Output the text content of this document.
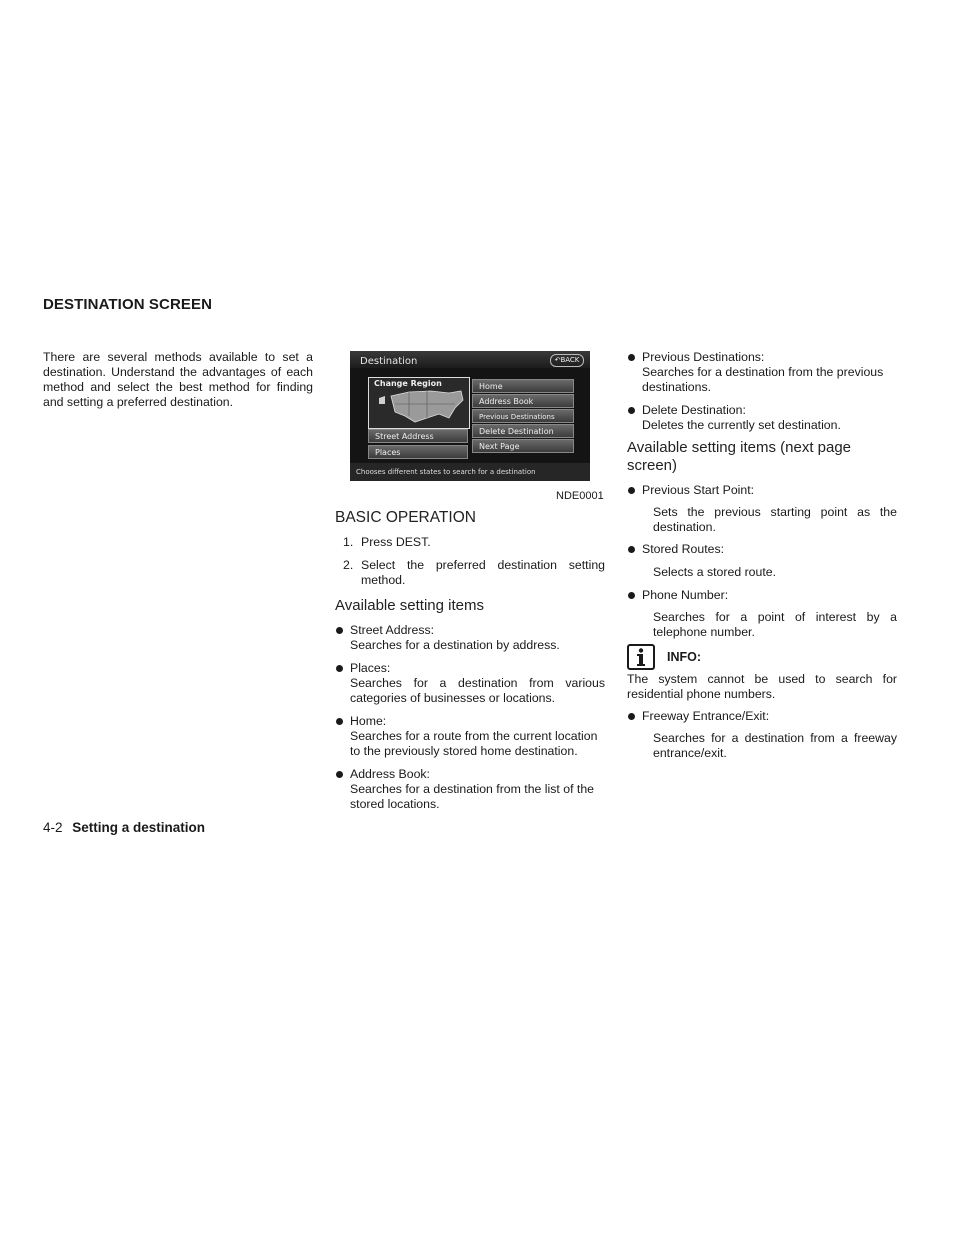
DESTINATION SCREEN
There are several methods available to set a destination. Understand the advantages of each method and select the best method for finding and setting a preferred destination.
Destination	↶BACK
Change Region
Street Address
Places
Home
Address Book
Previous Destinations
Delete Destination
Next Page
Chooses different states to search for a destination
NDE0001
BASIC OPERATION
1. Press DEST.
2. Select the preferred destination setting method.
Available setting items
Street Address:
Searches for a destination by address.
Places:
Searches for a destination from various categories of businesses or locations.
Home:
Searches for a route from the current location to the previously stored home destination.
Address Book:
Searches for a destination from the list of the stored locations.
Previous Destinations:
Searches for a destination from the previous destinations.
Delete Destination:
Deletes the currently set destination.
Available setting items (next page screen)
Previous Start Point:
Sets the previous starting point as the destination.
Stored Routes:
Selects a stored route.
Phone Number:
Searches for a point of interest by a telephone number.
INFO:
The system cannot be used to search for residential phone numbers.
Freeway Entrance/Exit:
Searches for a destination from a freeway entrance/exit.
4-2 Setting a destination
